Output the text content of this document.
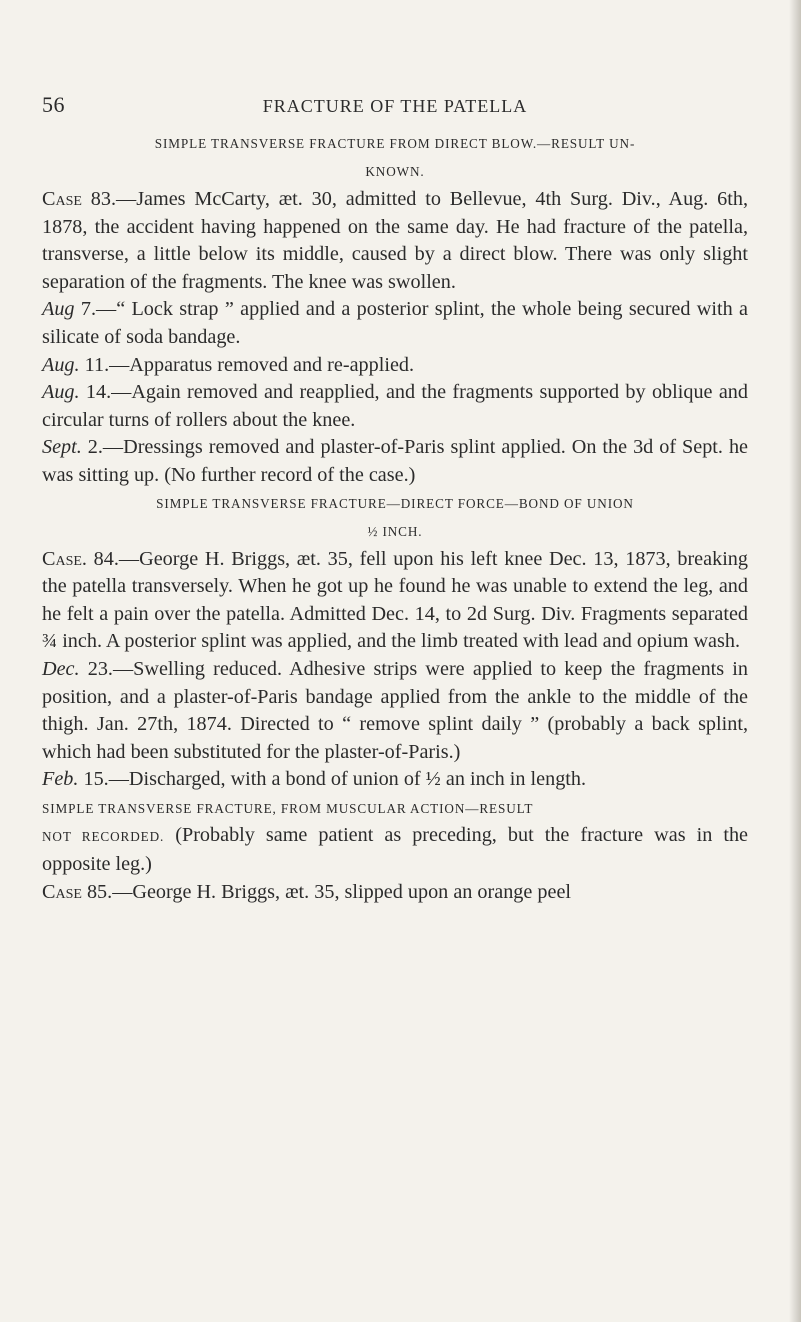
56	FRACTURE OF THE PATELLA

SIMPLE TRANSVERSE FRACTURE FROM DIRECT BLOW.—RESULT UN-
KNOWN.

Case 83.—James McCarty, æt. 30, admitted to Bellevue, 4th Surg. Div., Aug. 6th, 1878, the accident having happened on the same day. He had fracture of the patella, transverse, a little below its middle, caused by a direct blow. There was only slight separation of the fragments. The knee was swollen.

Aug 7.—“ Lock strap ” applied and a posterior splint, the whole being secured with a silicate of soda bandage.

Aug. 11.—Apparatus removed and re-applied.

Aug. 14.—Again removed and reapplied, and the fragments supported by oblique and circular turns of rollers about the knee.

Sept. 2.—Dressings removed and plaster-of-Paris splint applied. On the 3d of Sept. he was sitting up. (No further record of the case.)

SIMPLE TRANSVERSE FRACTURE—DIRECT FORCE—BOND OF UNION
½ INCH.

Case. 84.—George H. Briggs, æt. 35, fell upon his left knee Dec. 13, 1873, breaking the patella transversely. When he got up he found he was unable to extend the leg, and he felt a pain over the patella. Admitted Dec. 14, to 2d Surg. Div. Fragments separated ¾ inch. A posterior splint was applied, and the limb treated with lead and opium wash.

Dec. 23.—Swelling reduced. Adhesive strips were applied to keep the fragments in position, and a plaster-of-Paris bandage applied from the ankle to the middle of the thigh. Jan. 27th, 1874. Directed to “ remove splint daily ” (probably a back splint, which had been substituted for the plaster-of-Paris.)

Feb. 15.—Discharged, with a bond of union of ½ an inch in length.

SIMPLE TRANSVERSE FRACTURE, FROM MUSCULAR ACTION—RESULT
NOT RECORDED. (Probably same patient as preceding, but the fracture was in the opposite leg.)

Case 85.—George H. Briggs, æt. 35, slipped upon an orange peel
